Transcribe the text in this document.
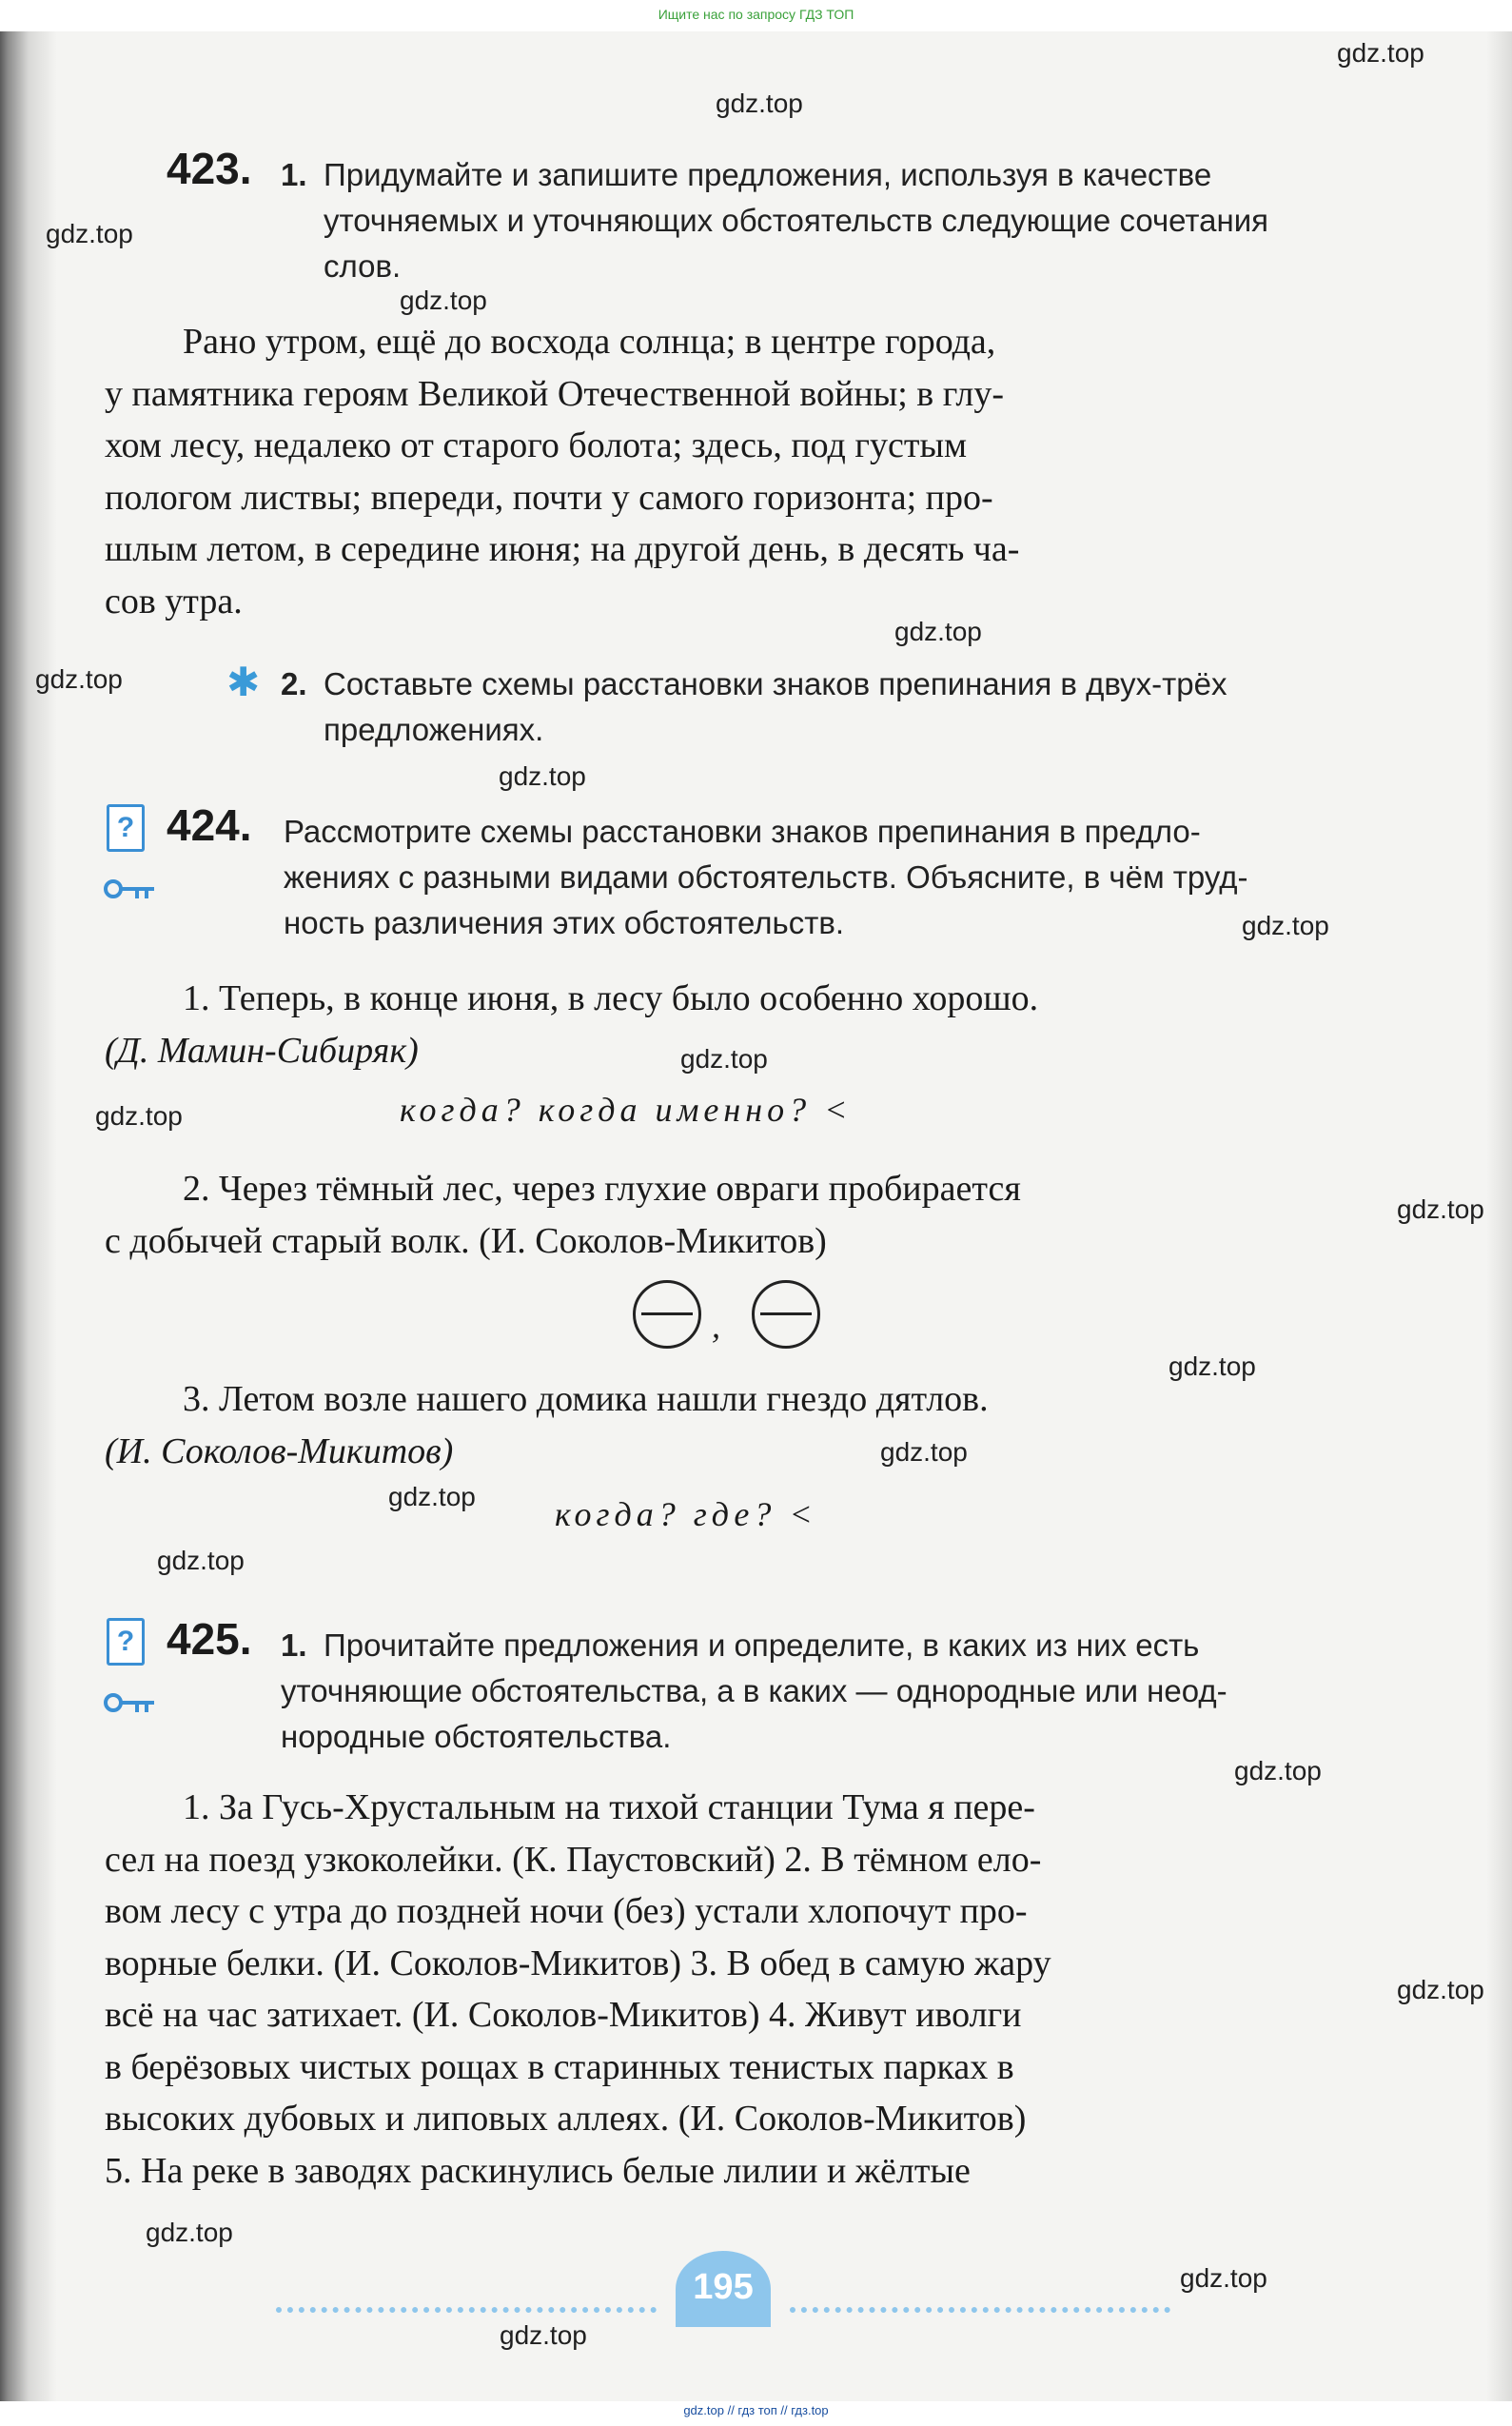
Ищите нас по запросу ГДЗ ТОП
423. 1. Придумайте и запишите предложения, используя в качестве
уточняемых и уточняющих обстоятельств следующие сочетания
слов.
Рано утром, ещё до восхода солнца; в центре города,
у памятника героям Великой Отечественной войны; в глу-
хом лесу, недалеко от старого болота; здесь, под густым
пологом листвы; впереди, почти у самого горизонта; про-
шлым летом, в середине июня; на другой день, в десять ча-
сов утра.
✱ 2. Составьте схемы расстановки знаков препинания в двух-трёх
предложениях.
? 424. Рассмотрите схемы расстановки знаков препинания в предло-
жениях с разными видами обстоятельств. Объясните, в чём труд-
ность различения этих обстоятельств.
1. Теперь, в конце июня, в лесу было особенно хорошо.
(Д. Мамин-Сибиряк)
когда? когда именно? <
2. Через тёмный лес, через глухие овраги пробирается
с добычей старый волк. (И. Соколов-Микитов)
,
3. Летом возле нашего домика нашли гнездо дятлов.
(И. Соколов-Микитов)
когда? где? <
? 425. 1. Прочитайте предложения и определите, в каких из них есть
уточняющие обстоятельства, а в каких — однородные или неод-
нородные обстоятельства.
1. За Гусь-Хрустальным на тихой станции Тума я пере-
сел на поезд узкоколейки. (К. Паустовский) 2. В тёмном ело-
вом лесу с утра до поздней ночи (без) устали хлопочут про-
ворные белки. (И. Соколов-Микитов) 3. В обед в самую жару
всё на час затихает. (И. Соколов-Микитов) 4. Живут иволги
в берёзовых чистых рощах в старинных тенистых парках в
высоких дубовых и липовых аллеях. (И. Соколов-Микитов)
5. На реке в заводях раскинулись белые лилии и жёлтые
195
gdz.top
gdz.top
gdz.top
gdz.top
gdz.top
gdz.top
gdz.top
gdz.top
gdz.top
gdz.top
gdz.top
gdz.top
gdz.top
gdz.top
gdz.top
gdz.top
gdz.top
gdz.top
gdz.top
gdz.top
gdz.top // гдз топ // гдз.top
